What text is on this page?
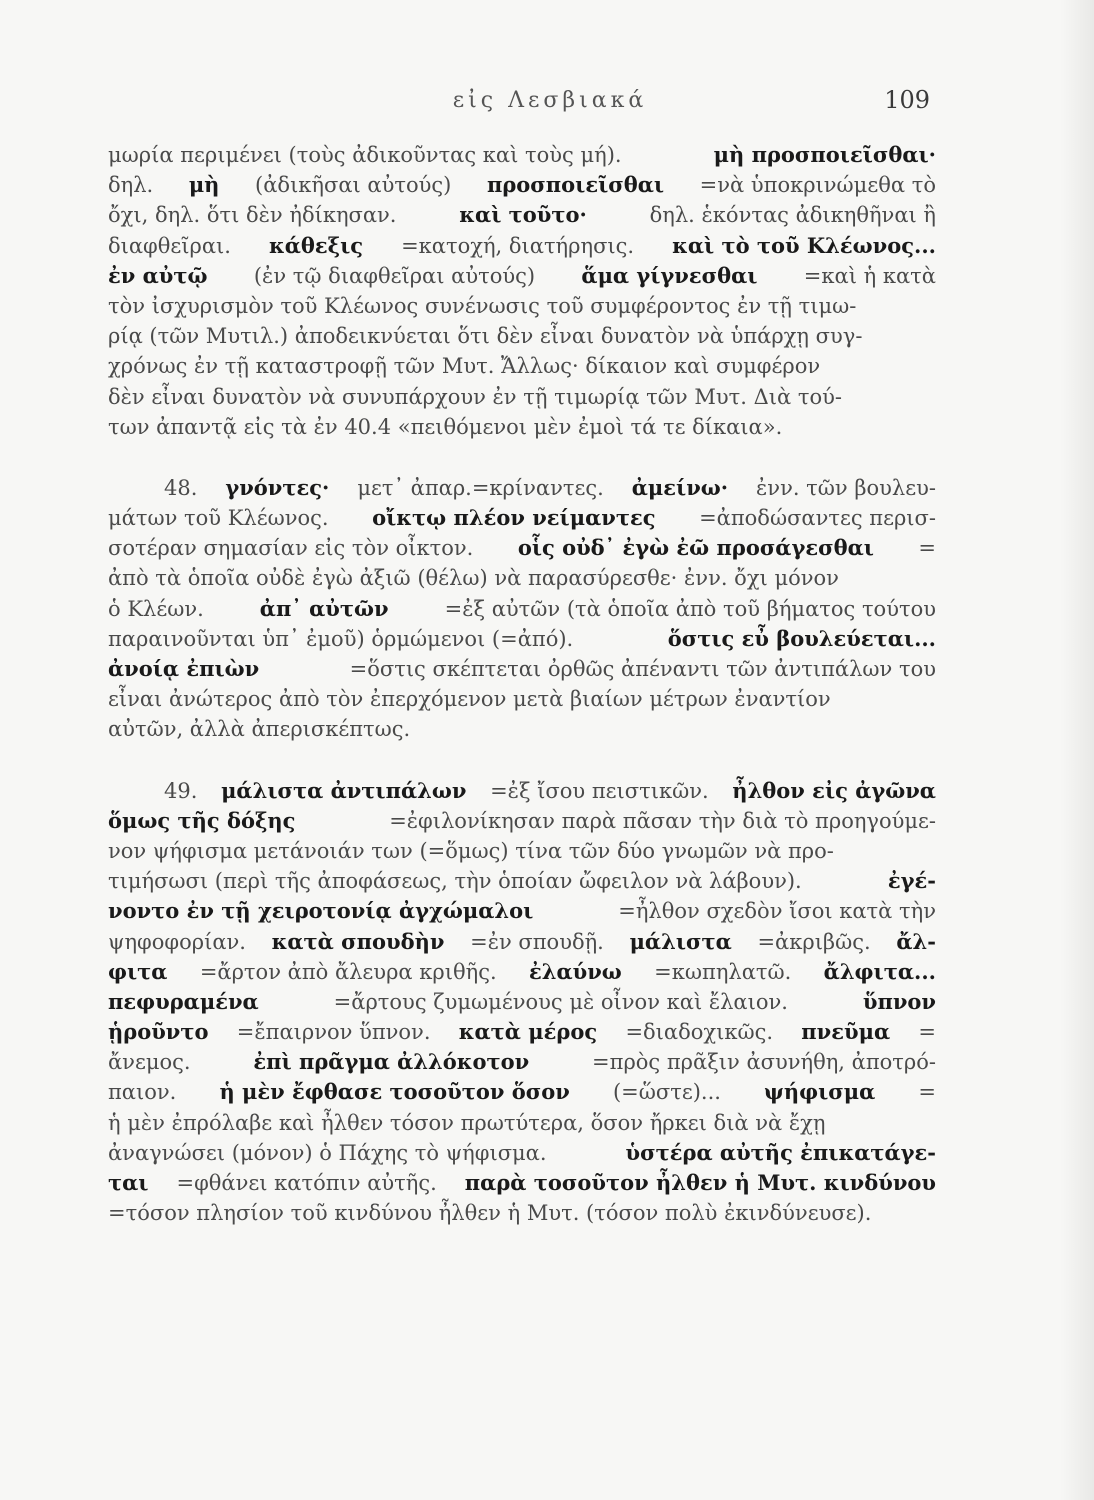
εἰς Λεσβιακά	109
μωρία περιμένει (τοὺς ἀδικοῦντας καὶ τοὺς μή).	μὴ προσποιεῖσθαι·
δηλ. μὴ (ἀδικῆσαι αὐτούς) προσποιεῖσθαι =νὰ ὑποκρινώμεθα τὸ
ὄχι, δηλ. ὅτι δὲν ἠδίκησαν.	καὶ τοῦτο·	δηλ. ἑκόντας ἀδικηθῆναι ἢ
διαφθεῖραι. κάθεξις =κατοχή, διατήρησις. καὶ τὸ τοῦ Κλέωνος...
ἐν αὐτῷ (ἐν τῷ διαφθεῖραι αὐτούς) ἅμα γίγνεσθαι =καὶ ἡ κατὰ
τὸν ἰσχυρισμὸν τοῦ Κλέωνος συνένωσις τοῦ συμφέροντος ἐν τῇ τιμω-
ρίᾳ (τῶν Μυτιλ.) ἀποδεικνύεται ὅτι δὲν εἶναι δυνατὸν νὰ ὑπάρχῃ συγ-
χρόνως ἐν τῇ καταστροφῇ τῶν Μυτ. Ἄλλως· δίκαιον καὶ συμφέρον
δὲν εἶναι δυνατὸν νὰ συνυπάρχουν ἐν τῇ τιμωρίᾳ τῶν Μυτ. Διὰ τού-
των ἀπαντᾷ εἰς τὰ ἐν 40.4 «πειθόμενοι μὲν ἐμοὶ τά τε δίκαια».
48. γνόντες· μετ᾽ ἀπαρ.=κρίναντες. ἀμείνω· ἐνν. τῶν βουλευ-
μάτων τοῦ Κλέωνος. οἴκτῳ πλέον νείμαντες =ἀποδώσαντες περισ-
σοτέραν σημασίαν εἰς τὸν οἶκτον. οἷς οὐδ᾽ ἐγὼ ἐῶ προσάγεσθαι =
ἀπὸ τὰ ὁποῖα οὐδὲ ἐγὼ ἀξιῶ (θέλω) νὰ παρασύρεσθε· ἐνν. ὄχι μόνον
ὁ Κλέων.	ἀπ᾽ αὐτῶν	=ἐξ αὐτῶν (τὰ ὁποῖα ἀπὸ τοῦ βήματος τούτου
παραινοῦνται ὑπ᾽ ἐμοῦ) ὁρμώμενοι (=ἀπό).	ὅστις εὖ βουλεύεται...
ἀνοίᾳ ἐπιὼν	=ὅστις σκέπτεται ὀρθῶς ἀπέναντι τῶν ἀντιπάλων του
εἶναι ἀνώτερος ἀπὸ τὸν ἐπερχόμενον μετὰ βιαίων μέτρων ἐναντίον
αὐτῶν, ἀλλὰ ἀπερισκέπτως.
49. μάλιστα ἀντιπάλων =ἐξ ἴσου πειστικῶν. ἦλθον εἰς ἀγῶνα
ὅμως τῆς δόξης	=ἐφιλονίκησαν παρὰ πᾶσαν τὴν διὰ τὸ προηγούμε-
νον ψήφισμα μετάνοιάν των (=ὅμως) τίνα τῶν δύο γνωμῶν νὰ προ-
τιμήσωσι (περὶ τῆς ἀποφάσεως, τὴν ὁποίαν ὤφειλον νὰ λάβουν).	ἐγέ-
νοντο ἐν τῇ χειροτονίᾳ ἀγχώμαλοι	=ἦλθον σχεδὸν ἴσοι κατὰ τὴν
ψηφοφορίαν. κατὰ σπουδὴν =ἐν σπουδῇ. μάλιστα =ἀκριβῶς. ἄλ-
φιτα =ἄρτον ἀπὸ ἄλευρα κριθῆς. ἐλαύνω =κωπηλατῶ. ἄλφιτα...
πεφυραμένα	=ἄρτους ζυμωμένους μὲ οἶνον καὶ ἔλαιον.	ὕπνον
ᾑροῦντο =ἔπαιρνον ὕπνον. κατὰ μέρος =διαδοχικῶς. πνεῦμα =
ἄνεμος.	ἐπὶ πρᾶγμα ἀλλόκοτον	=πρὸς πρᾶξιν ἀσυνήθη, ἀποτρό-
παιον. ἡ μὲν ἔφθασε τοσοῦτον ὅσον (=ὥστε)... ψήφισμα =
ἡ μὲν ἐπρόλαβε καὶ ἦλθεν τόσον πρωτύτερα, ὅσον ἤρκει διὰ νὰ ἔχῃ
ἀναγνώσει (μόνον) ὁ Πάχης τὸ ψήφισμα.	ὑστέρα αὐτῆς ἐπικατάγε-
ται =φθάνει κατόπιν αὐτῆς. παρὰ τοσοῦτον ἦλθεν ἡ Μυτ. κινδύνου
=τόσον πλησίον τοῦ κινδύνου ἦλθεν ἡ Μυτ. (τόσον πολὺ ἐκινδύνευσε).
